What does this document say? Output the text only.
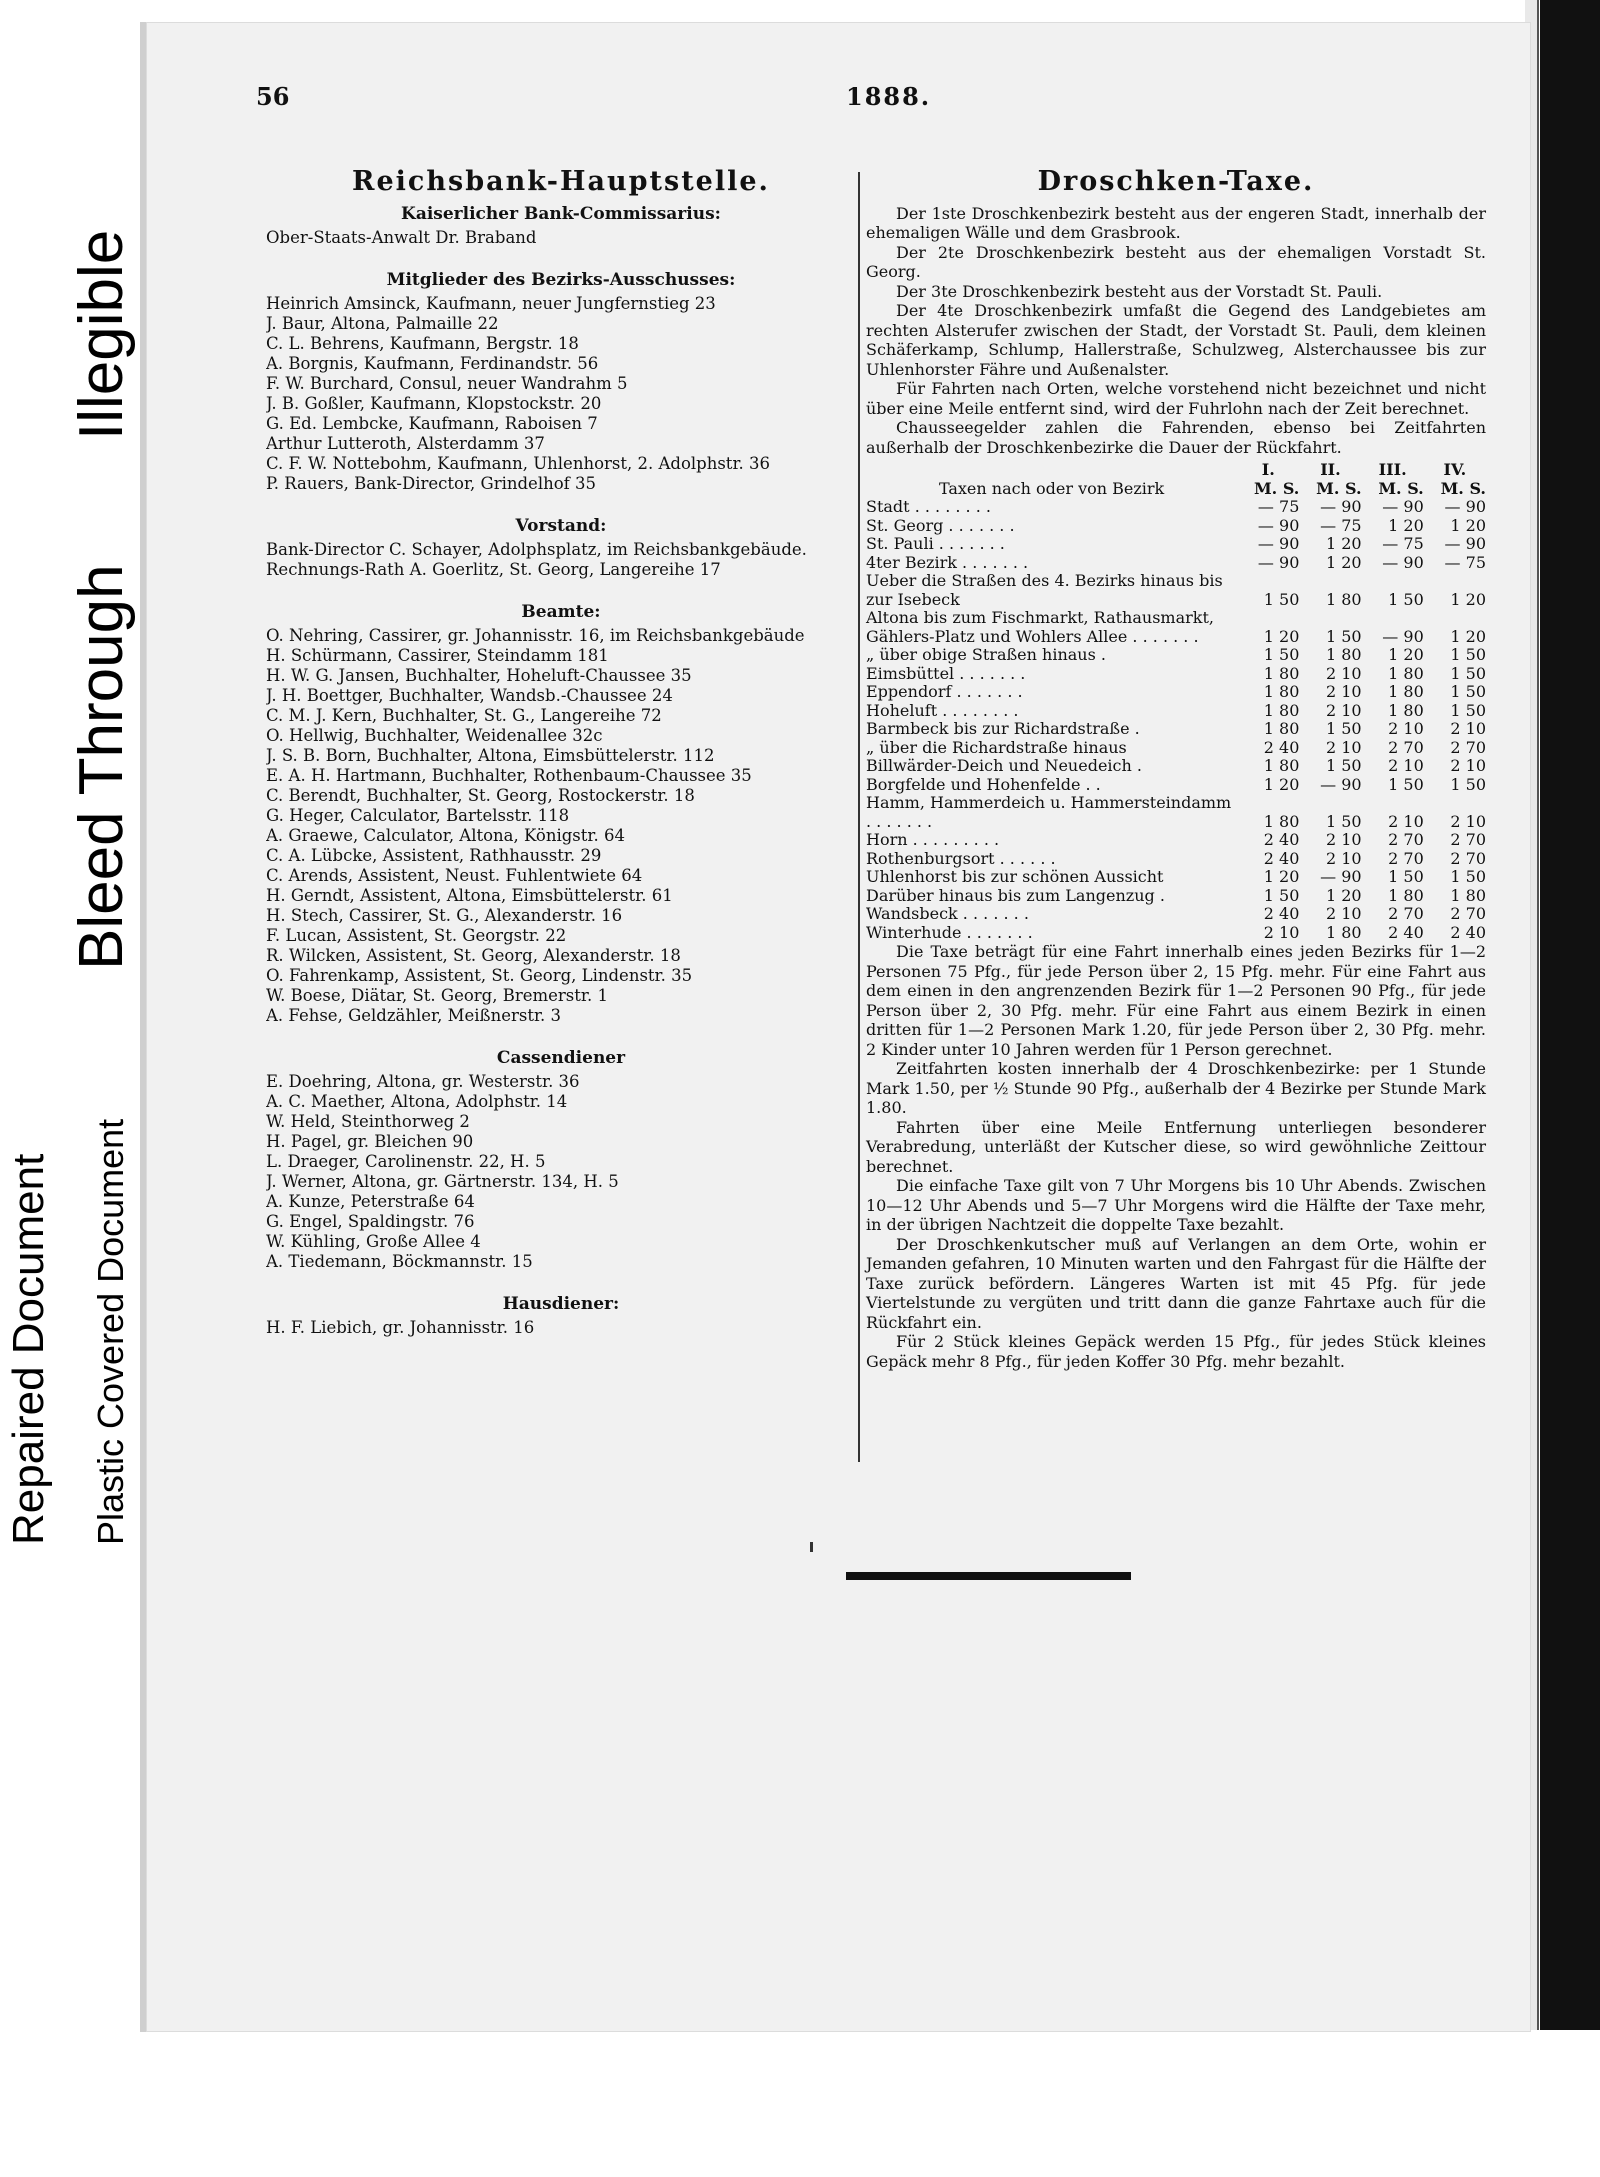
Repaired Document Plastic Covered Document
Bleed Through
Illegible
56	1888.
Reichsbank-Hauptstelle.
Kaiserlicher Bank-Commissarius:

Ober-Staats-Anwalt Dr. Braband

Mitglieder des Bezirks-Ausschusses:

Heinrich Amsinck, Kaufmann, neuer Jungfernstieg 23

J. Baur, Altona, Palmaille 22

C. L. Behrens, Kaufmann, Bergstr. 18

A. Borgnis, Kaufmann, Ferdinandstr. 56

F. W. Burchard, Consul, neuer Wandrahm 5

J. B. Goßler, Kaufmann, Klopstockstr. 20

G. Ed. Lembcke, Kaufmann, Raboisen 7

Arthur Lutteroth, Alsterdamm 37

C. F. W. Nottebohm, Kaufmann, Uhlenhorst, 2. Adolphstr. 36

P. Rauers, Bank-Director, Grindelhof 35

Vorstand:

Bank-Director C. Schayer, Adolphsplatz, im Reichsbankgebäude.

Rechnungs-Rath A. Goerlitz, St. Georg, Langereihe 17

Beamte:

O. Nehring, Cassirer, gr. Johannisstr. 16, im Reichsbankgebäude

H. Schürmann, Cassirer, Steindamm 181

H. W. G. Jansen, Buchhalter, Hoheluft-Chaussee 35

J. H. Boettger, Buchhalter, Wandsb.-Chaussee 24

C. M. J. Kern, Buchhalter, St. G., Langereihe 72

O. Hellwig, Buchhalter, Weidenallee 32c

J. S. B. Born, Buchhalter, Altona, Eimsbüttelerstr. 112

E. A. H. Hartmann, Buchhalter, Rothenbaum-Chaussee 35

C. Berendt, Buchhalter, St. Georg, Rostockerstr. 18

G. Heger, Calculator, Bartelsstr. 118

A. Graewe, Calculator, Altona, Königstr. 64

C. A. Lübcke, Assistent, Rathhausstr. 29

C. Arends, Assistent, Neust. Fuhlentwiete 64

H. Gerndt, Assistent, Altona, Eimsbüttelerstr. 61

H. Stech, Cassirer, St. G., Alexanderstr. 16

F. Lucan, Assistent, St. Georgstr. 22

R. Wilcken, Assistent, St. Georg, Alexanderstr. 18

O. Fahrenkamp, Assistent, St. Georg, Lindenstr. 35

W. Boese, Diätar, St. Georg, Bremerstr. 1

A. Fehse, Geldzähler, Meißnerstr. 3

Cassendiener

E. Doehring, Altona, gr. Westerstr. 36

A. C. Maether, Altona, Adolphstr. 14

W. Held, Steinthorweg 2

H. Pagel, gr. Bleichen 90

L. Draeger, Carolinenstr. 22, H. 5

J. Werner, Altona, gr. Gärtnerstr. 134, H. 5

A. Kunze, Peterstraße 64

G. Engel, Spaldingstr. 76

W. Kühling, Große Allee 4

A. Tiedemann, Böckmannstr. 15

Hausdiener:

H. F. Liebich, gr. Johannisstr. 16

Droschken-Taxe.

Der 1ste Droschkenbezirk besteht aus der engeren Stadt, innerhalb der ehemaligen Wälle und dem Grasbrook.

Der 2te Droschkenbezirk besteht aus der ehemaligen Vorstadt St. Georg.

Der 3te Droschkenbezirk besteht aus der Vorstadt St. Pauli.

Der 4te Droschkenbezirk umfaßt die Gegend des Landgebietes am rechten Alsterufer zwischen der Stadt, der Vorstadt St. Pauli, dem kleinen Schäferkamp, Schlump, Hallerstraße, Schulzweg, Alsterchaussee bis zur Uhlenhorster Fähre und Außenalster.

Für Fahrten nach Orten, welche vorstehend nicht bezeichnet und nicht über eine Meile entfernt sind, wird der Fuhrlohn nach der Zeit berechnet.

Chausseegelder zahlen die Fahrenden, ebenso bei Zeitfahrten außerhalb der Droschkenbezirke die Dauer der Rückfahrt.

	I.	II.	III.	IV.
Taxen nach oder von Bezirk	M. S.	M. S.	M. S.	M. S.
Stadt . . . . . . . .	— 75	— 90	— 90	— 90
St. Georg . . . . . . .	— 90	— 75	1 20	1 20
St. Pauli . . . . . . .	— 90	1 20	— 75	— 90
4ter Bezirk . . . . . . .	— 90	1 20	— 90	— 75
Ueber die Straßen des 4. Bezirks hinaus bis zur Isebeck	1 50	1 80	1 50	1 20
Altona bis zum Fischmarkt, Rathausmarkt, Gählers-Platz und Wohlers Allee . . . . . . .	1 20	1 50	— 90	1 20
„ über obige Straßen hinaus .	1 50	1 80	1 20	1 50
Eimsbüttel . . . . . . .	1 80	2 10	1 80	1 50
Eppendorf . . . . . . .	1 80	2 10	1 80	1 50
Hoheluft . . . . . . . .	1 80	2 10	1 80	1 50
Barmbeck bis zur Richardstraße .	1 80	1 50	2 10	2 10
„ über die Richardstraße hinaus	2 40	2 10	2 70	2 70
Billwärder-Deich und Neuedeich .	1 80	1 50	2 10	2 10
Borgfelde und Hohenfelde . .	1 20	— 90	1 50	1 50
Hamm, Hammerdeich u. Hammersteindamm . . . . . . .	1 80	1 50	2 10	2 10
Horn . . . . . . . . .	2 40	2 10	2 70	2 70
Rothenburgsort . . . . . .	2 40	2 10	2 70	2 70
Uhlenhorst bis zur schönen Aussicht	1 20	— 90	1 50	1 50
Darüber hinaus bis zum Langenzug .	1 50	1 20	1 80	1 80
Wandsbeck . . . . . . .	2 40	2 10	2 70	2 70
Winterhude . . . . . . .	2 10	1 80	2 40	2 40

Die Taxe beträgt für eine Fahrt innerhalb eines jeden Bezirks für 1—2 Personen 75 Pfg., für jede Person über 2, 15 Pfg. mehr. Für eine Fahrt aus dem einen in den angrenzenden Bezirk für 1—2 Personen 90 Pfg., für jede Person über 2, 30 Pfg. mehr. Für eine Fahrt aus einem Bezirk in einen dritten für 1—2 Personen Mark 1.20, für jede Person über 2, 30 Pfg. mehr. 2 Kinder unter 10 Jahren werden für 1 Person gerechnet.

Zeitfahrten kosten innerhalb der 4 Droschkenbezirke: per 1 Stunde Mark 1.50, per ½ Stunde 90 Pfg., außerhalb der 4 Bezirke per Stunde Mark 1.80.

Fahrten über eine Meile Entfernung unterliegen besonderer Verabredung, unterläßt der Kutscher diese, so wird gewöhnliche Zeittour berechnet.

Die einfache Taxe gilt von 7 Uhr Morgens bis 10 Uhr Abends. Zwischen 10—12 Uhr Abends und 5—7 Uhr Morgens wird die Hälfte der Taxe mehr, in der übrigen Nachtzeit die doppelte Taxe bezahlt.

Der Droschkenkutscher muß auf Verlangen an dem Orte, wohin er Jemanden gefahren, 10 Minuten warten und den Fahrgast für die Hälfte der Taxe zurück befördern. Längeres Warten ist mit 45 Pfg. für jede Viertelstunde zu vergüten und tritt dann die ganze Fahrtaxe auch für die Rückfahrt ein.

Für 2 Stück kleines Gepäck werden 15 Pfg., für jedes Stück kleines Gepäck mehr 8 Pfg., für jeden Koffer 30 Pfg. mehr bezahlt.
